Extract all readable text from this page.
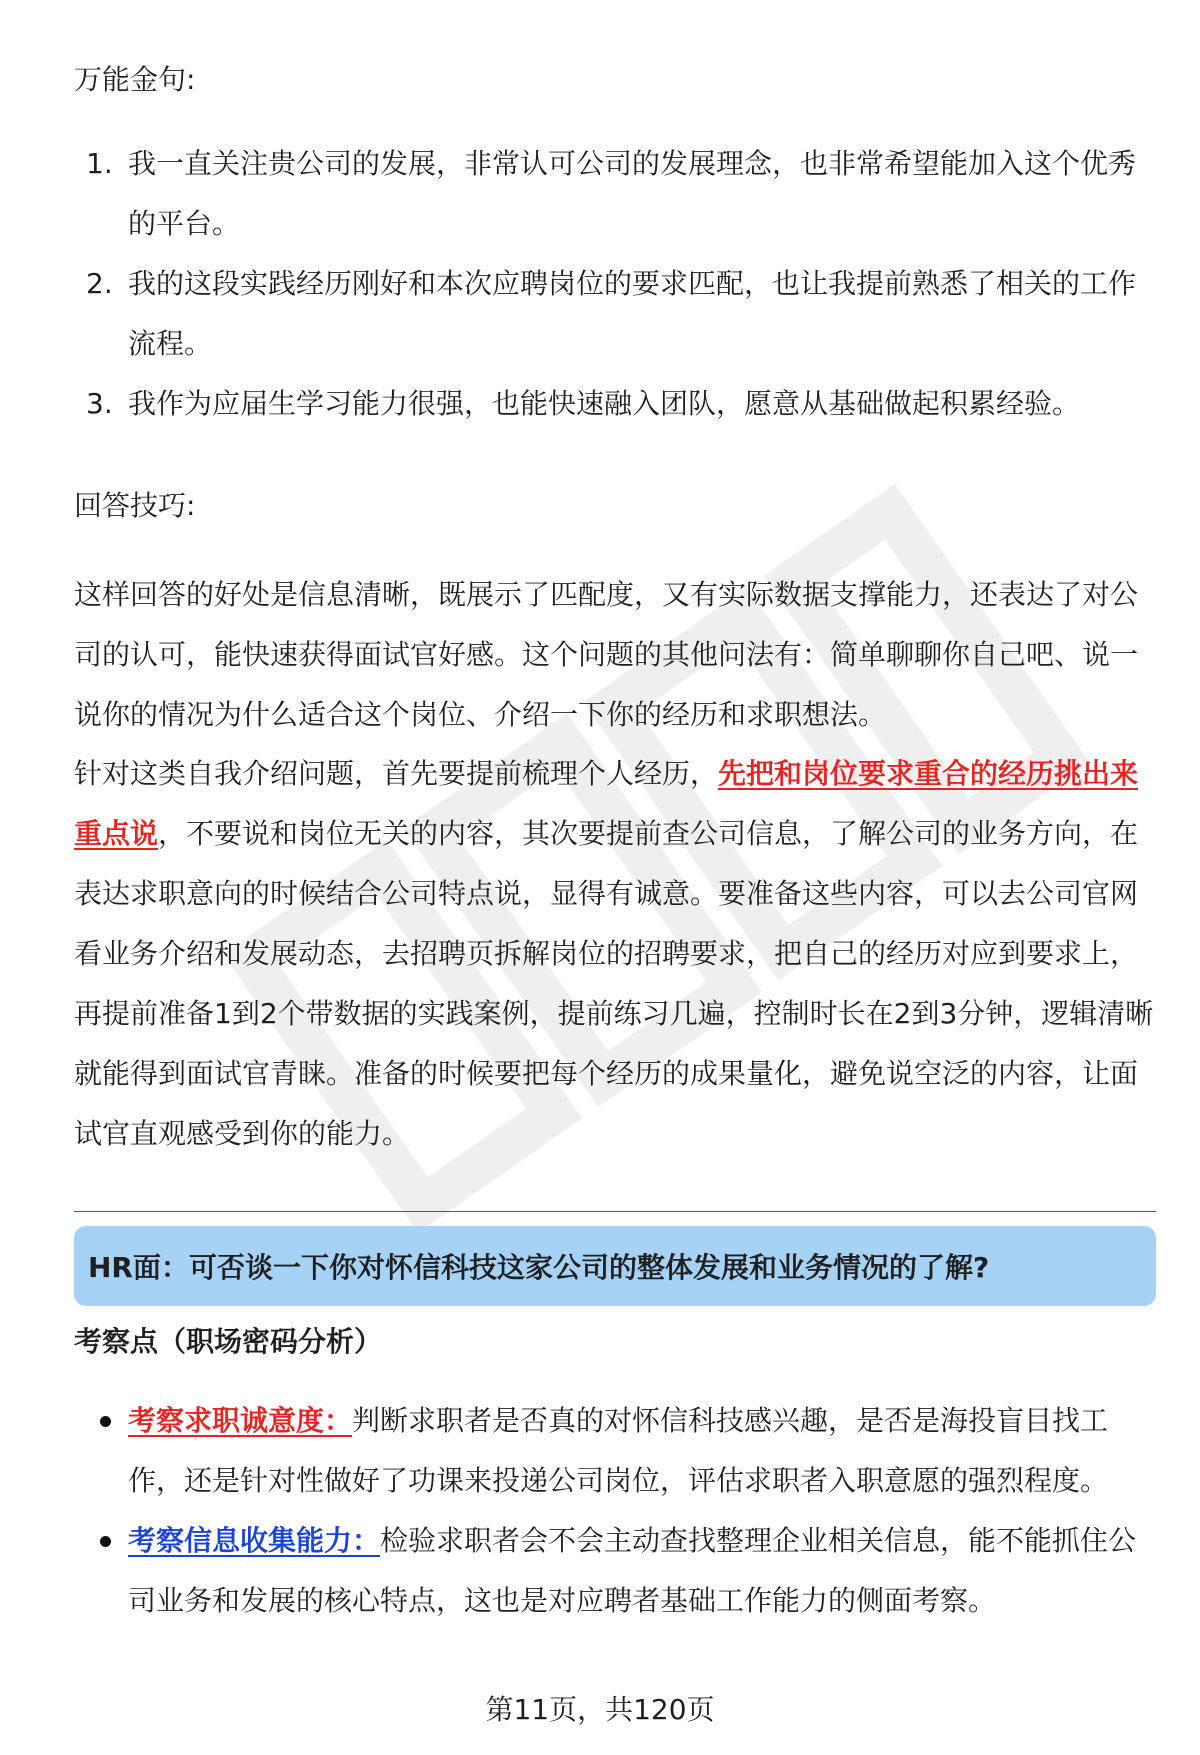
万能金句:

1. 我一直关注贵公司的发展，非常认可公司的发展理念，也非常希望能加入这个优秀的平台。
2. 我的这段实践经历刚好和本次应聘岗位的要求匹配，也让我提前熟悉了相关的工作流程。
3. 我作为应届生学习能力很强，也能快速融入团队，愿意从基础做起积累经验。

回答技巧:

这样回答的好处是信息清晰，既展示了匹配度，又有实际数据支撑能力，还表达了对公司的认可，能快速获得面试官好感。这个问题的其他问法有：简单聊聊你自己吧、说一说你的情况为什么适合这个岗位、介绍一下你的经历和求职想法。

针对这类自我介绍问题，首先要提前梳理个人经历，先把和岗位要求重合的经历挑出来重点说，不要说和岗位无关的内容，其次要提前查公司信息，了解公司的业务方向，在表达求职意向的时候结合公司特点说，显得有诚意。要准备这些内容，可以去公司官网看业务介绍和发展动态，去招聘页拆解岗位的招聘要求，把自己的经历对应到要求上，再提前准备1到2个带数据的实践案例，提前练习几遍，控制时长在2到3分钟，逻辑清晰就能得到面试官青睐。准备的时候要把每个经历的成果量化，避免说空泛的内容，让面试官直观感受到你的能力。

HR面：可否谈一下你对怀信科技这家公司的整体发展和业务情况的了解?
考察点（职场密码分析）
考察求职诚意度：判断求职者是否真的对怀信科技感兴趣，是否是海投盲目找工作，还是针对性做好了功课来投递公司岗位，评估求职者入职意愿的强烈程度。
考察信息收集能力：检验求职者会不会主动查找整理企业相关信息，能不能抓住公司业务和发展的核心特点，这也是对应聘者基础工作能力的侧面考察。
第11页，共120页
